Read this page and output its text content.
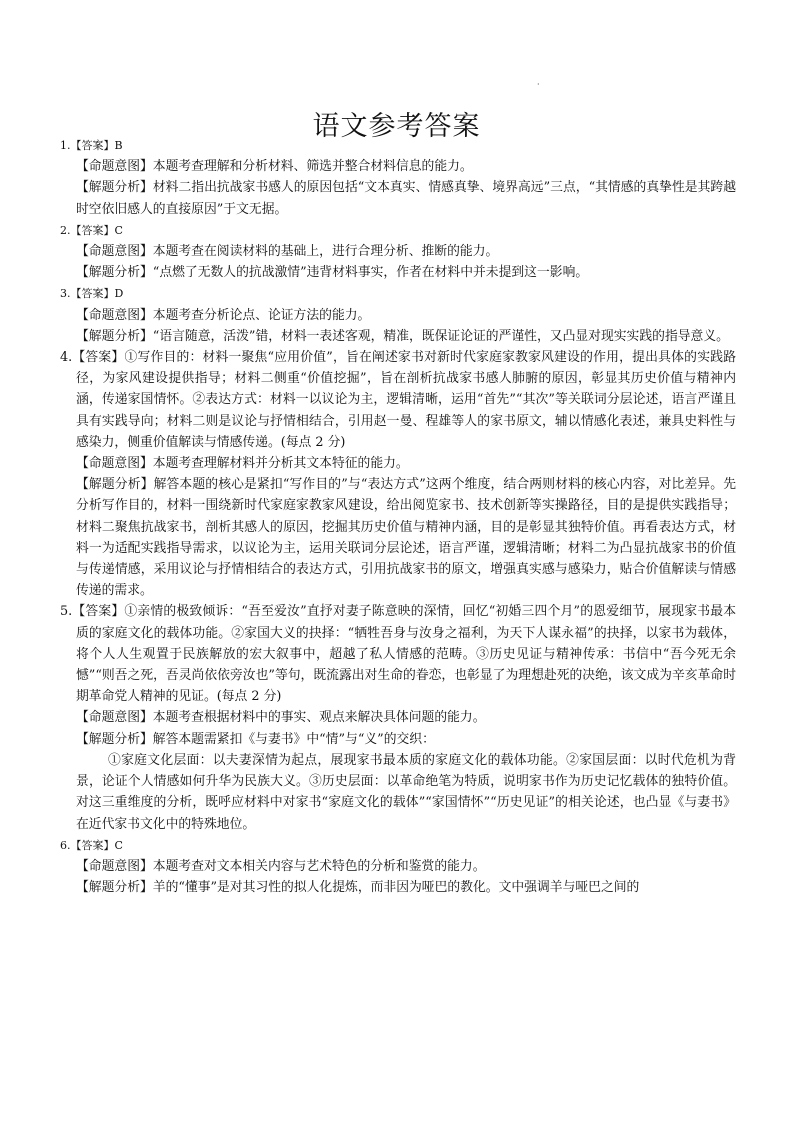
·
语文参考答案

1.【答案】B

【命题意图】本题考查理解和分析材料、筛选并整合材料信息的能力。

【解题分析】材料二指出抗战家书感人的原因包括“文本真实、情感真挚、境界高远”三点，“其情感的真挚性是其跨越时空依旧感人的直接原因”于文无据。

2.【答案】C

【命题意图】本题考查在阅读材料的基础上，进行合理分析、推断的能力。

【解题分析】“点燃了无数人的抗战激情”违背材料事实，作者在材料中并未提到这一影响。

3.【答案】D

【命题意图】本题考查分析论点、论证方法的能力。

【解题分析】“语言随意，活泼”错，材料一表述客观，精准，既保证论证的严谨性，又凸显对现实实践的指导意义。

4.【答案】①写作目的：材料一聚焦“应用价值”，旨在阐述家书对新时代家庭家教家风建设的作用，提出具体的实践路径，为家风建设提供指导；材料二侧重“价值挖掘”，旨在剖析抗战家书感人肺腑的原因，彰显其历史价值与精神内涵，传递家国情怀。②表达方式：材料一以议论为主，逻辑清晰，运用“首先”“其次”等关联词分层论述，语言严谨且具有实践导向；材料二则是议论与抒情相结合，引用赵一曼、程雄等人的家书原文，辅以情感化表述，兼具史料性与感染力，侧重价值解读与情感传递。(每点 2 分)

【命题意图】本题考查理解材料并分析其文本特征的能力。

【解题分析】解答本题的核心是紧扣“写作目的”与“表达方式”这两个维度，结合两则材料的核心内容，对比差异。先分析写作目的，材料一围绕新时代家庭家教家风建设，给出阅览家书、技术创新等实操路径，目的是提供实践指导；材料二聚焦抗战家书，剖析其感人的原因，挖掘其历史价值与精神内涵，目的是彰显其独特价值。再看表达方式，材料一为适配实践指导需求，以议论为主，运用关联词分层论述，语言严谨，逻辑清晰；材料二为凸显抗战家书的价值与传递情感，采用议论与抒情相结合的表达方式，引用抗战家书的原文，增强真实感与感染力，贴合价值解读与情感传递的需求。

5.【答案】①亲情的极致倾诉：“吾至爱汝”直抒对妻子陈意映的深情，回忆“初婚三四个月”的恩爱细节，展现家书最本质的家庭文化的载体功能。②家国大义的抉择：“牺牲吾身与汝身之福利，为天下人谋永福”的抉择，以家书为载体，将个人人生观置于民族解放的宏大叙事中，超越了私人情感的范畴。③历史见证与精神传承：书信中“吾今死无余憾”“则吾之死，吾灵尚依依旁汝也”等句，既流露出对生命的眷恋，也彰显了为理想赴死的决绝，该文成为辛亥革命时期革命党人精神的见证。(每点 2 分)

【命题意图】本题考查根据材料中的事实、观点来解决具体问题的能力。

【解题分析】解答本题需紧扣《与妻书》中“情”与“义”的交织：

①家庭文化层面：以夫妻深情为起点，展现家书最本质的家庭文化的载体功能。②家国层面：以时代危机为背景，论证个人情感如何升华为民族大义。③历史层面：以革命绝笔为特质，说明家书作为历史记忆载体的独特价值。对这三重维度的分析，既呼应材料中对家书“家庭文化的载体”“家国情怀”“历史见证”的相关论述，也凸显《与妻书》在近代家书文化中的特殊地位。

6.【答案】C

【命题意图】本题考查对文本相关内容与艺术特色的分析和鉴赏的能力。

【解题分析】羊的“懂事”是对其习性的拟人化提炼，而非因为哑巴的教化。文中强调羊与哑巴之间的
